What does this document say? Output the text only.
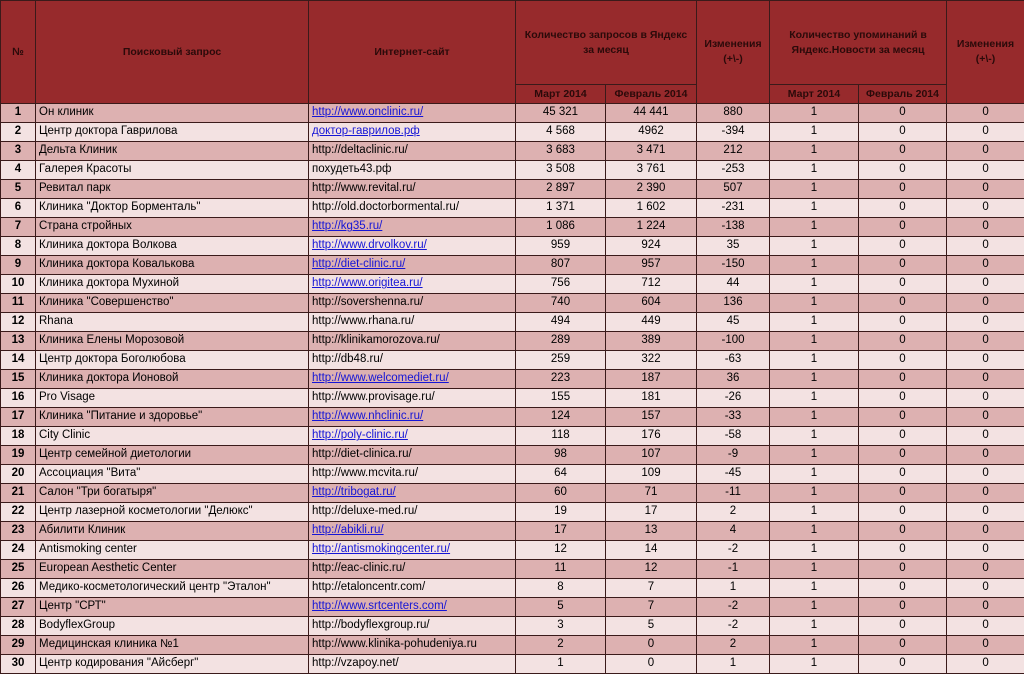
№	Поисковый запрос	Интернет-сайт	Количество запросов в Яндекс за месяц		Изменения (+\-)	Количество упоминаний в Яндекс.Новости за месяц		Изменения (+\-)
			Март 2014	Февраль 2014		Март 2014	Февраль 2014	
1	Он клиник	http://www.onclinic.ru/	45 321	44 441	880	1	0	0
2	Центр доктора Гаврилова	доктор-гаврилов.рф	4 568	4962	-394	1	0	0
3	Дельта Клиник	http://deltaclinic.ru/	3 683	3 471	212	1	0	0
4	Галерея Красоты	похудеть43.рф	3 508	3 761	-253	1	0	0
5	Ревитал парк	http://www.revital.ru/	2 897	2 390	507	1	0	0
6	Клиника "Доктор Борменталь"	http://old.doctorbormental.ru/	1 371	1 602	-231	1	0	0
7	Страна стройных	http://kg35.ru/	1 086	1 224	-138	1	0	0
8	Клиника доктора Волкова	http://www.drvolkov.ru/	959	924	35	1	0	0
9	Клиника доктора Ковалькова	http://diet-clinic.ru/	807	957	-150	1	0	0
10	Клиника доктора Мухиной	http://www.origitea.ru/	756	712	44	1	0	0
11	Клиника "Совершенство"	http://sovershenna.ru/	740	604	136	1	0	0
12	Rhana	http://www.rhana.ru/	494	449	45	1	0	0
13	Клиника Елены Морозовой	http://klinikamorozova.ru/	289	389	-100	1	0	0
14	Центр доктора Боголюбова	http://db48.ru/	259	322	-63	1	0	0
15	Клиника доктора Ионовой	http://www.welcomediet.ru/	223	187	36	1	0	0
16	Pro Visage	http://www.provisage.ru/	155	181	-26	1	0	0
17	Клиника "Питание и здоровье"	http://www.nhclinic.ru/	124	157	-33	1	0	0
18	City Clinic	http://poly-clinic.ru/	118	176	-58	1	0	0
19	Центр семейной диетологии	http://diet-clinica.ru/	98	107	-9	1	0	0
20	Ассоциация "Вита"	http://www.mcvita.ru/	64	109	-45	1	0	0
21	Салон "Три богатыря"	http://tribogat.ru/	60	71	-11	1	0	0
22	Центр лазерной косметологии "Делюкс"	http://deluxe-med.ru/	19	17	2	1	0	0
23	Абилити Клиник	http://abikli.ru/	17	13	4	1	0	0
24	Antismoking center	http://antismokingcenter.ru/	12	14	-2	1	0	0
25	European Aesthetic Center	http://eac-clinic.ru/	11	12	-1	1	0	0
26	Медико-косметологический центр "Эталон"	http://etaloncentr.com/	8	7	1	1	0	0
27	Центр "СРТ"	http://www.srtcenters.com/	5	7	-2	1	0	0
28	BodyflexGroup	http://bodyflexgroup.ru/	3	5	-2	1	0	0
29	Медицинская клиника №1	http://www.klinika-pohudeniya.ru	2	0	2	1	0	0
30	Центр кодирования "Айсберг"	http://vzapoy.net/	1	0	1	1	0	0
